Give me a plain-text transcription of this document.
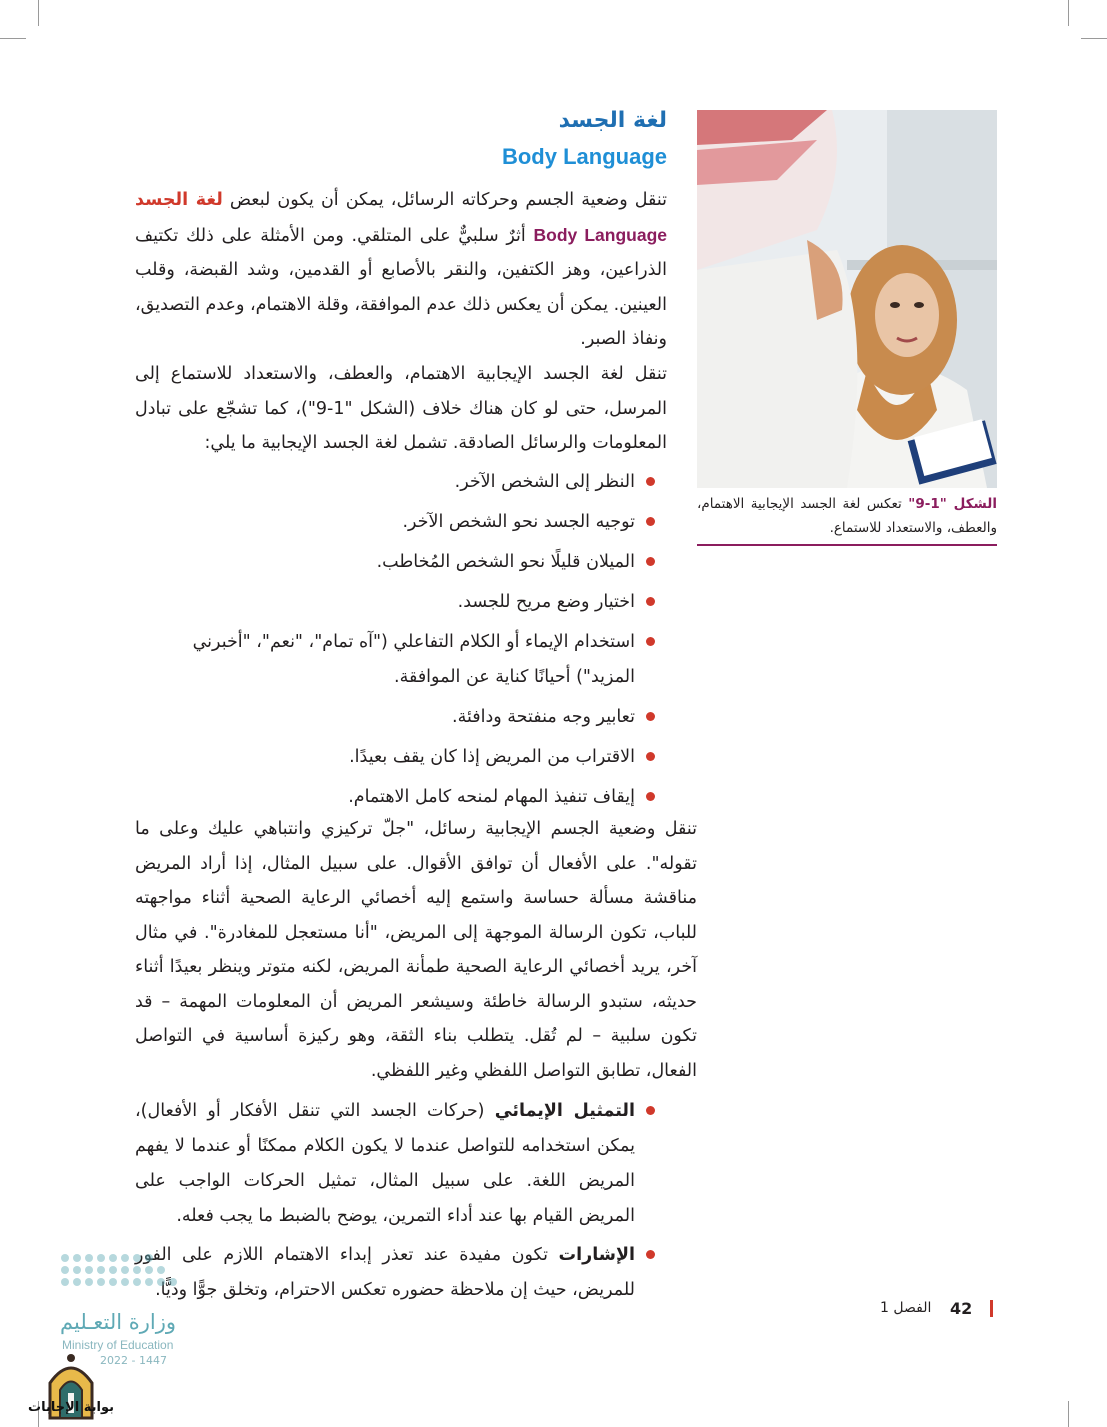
لغة الجسد
Body Language

تنقل وضعية الجسم وحركاته الرسائل، يمكن أن يكون لبعض لغة الجسد Body Language أثرٌ سلبيٌّ على المتلقي. ومن الأمثلة على ذلك تكتيف الذراعين، وهز الكتفين، والنقر بالأصابع أو القدمين، وشد القبضة، وقلب العينين. يمكن أن يعكس ذلك عدم الموافقة، وقلة الاهتمام، وعدم التصديق، ونفاذ الصبر.

تنقل لغة الجسد الإيجابية الاهتمام، والعطف، والاستعداد للاستماع إلى المرسل، حتى لو كان هناك خلاف (الشكل "1-9")، كما تشجّع على تبادل المعلومات والرسائل الصادقة. تشمل لغة الجسد الإيجابية ما يلي:

النظر إلى الشخص الآخر.
توجيه الجسد نحو الشخص الآخر.
الميلان قليلًا نحو الشخص المُخاطب.
اختيار وضع مريح للجسد.
استخدام الإيماء أو الكلام التفاعلي ("آه تمام"، "نعم"، "أخبرني المزيد") أحيانًا كناية عن الموافقة.
تعابير وجه منفتحة ودافئة.
الاقتراب من المريض إذا كان يقف بعيدًا.
إيقاف تنفيذ المهام لمنحه كامل الاهتمام.

تنقل وضعية الجسم الإيجابية رسائل، "جلّ تركيزي وانتباهي عليك وعلى ما تقوله". على الأفعال أن توافق الأقوال. على سبيل المثال، إذا أراد المريض مناقشة مسألة حساسة واستمع إليه أخصائي الرعاية الصحية أثناء مواجهته للباب، تكون الرسالة الموجهة إلى المريض، "أنا مستعجل للمغادرة". في مثال آخر، يريد أخصائي الرعاية الصحية طمأنة المريض، لكنه متوتر وينظر بعيدًا أثناء حديثه، ستبدو الرسالة خاطئة وسيشعر المريض أن المعلومات المهمة – قد تكون سلبية – لم تُقل. يتطلب بناء الثقة، وهو ركيزة أساسية في التواصل الفعال، تطابق التواصل اللفظي وغير اللفظي.

التمثيل الإيمائي (حركات الجسد التي تنقل الأفكار أو الأفعال)، يمكن استخدامه للتواصل عندما لا يكون الكلام ممكنًا أو عندما لا يفهم المريض اللغة. على سبيل المثال، تمثيل الحركات الواجب على المريض القيام بها عند أداء التمرين، يوضح بالضبط ما يجب فعله.
الإشارات تكون مفيدة عند تعذر إبداء الاهتمام اللازم على الفور للمريض، حيث إن ملاحظة حضوره تعكس الاحترام، وتخلق جوًّا وديًّا.
الشكل "1-9" تعكس لغة الجسد الإيجابية الاهتمام، والعطف، والاستعداد للاستماع.
42
الفصل 1
وزارة التعـليم
Ministry of Education
2022 - 1447
بوابة الإجابات
